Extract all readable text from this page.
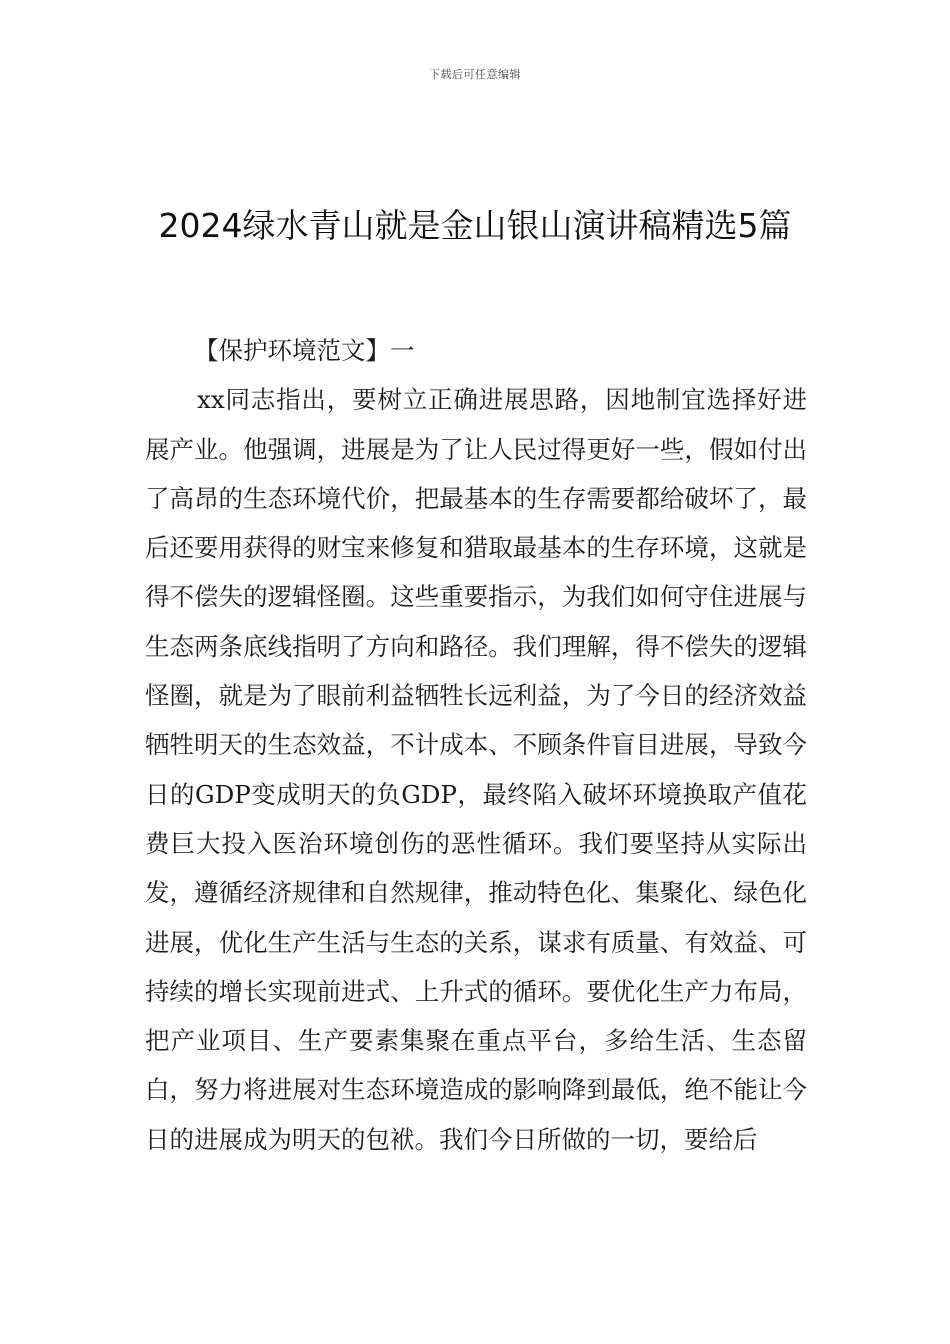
下载后可任意编辑
2024绿水青山就是金山银山演讲稿精选5篇

【保护环境范文】一

xx同志指出，要树立正确进展思路，因地制宜选择好进展产业。他强调，进展是为了让人民过得更好一些，假如付出了高昂的生态环境代价，把最基本的生存需要都给破坏了，最后还要用获得的财宝来修复和猎取最基本的生存环境，这就是得不偿失的逻辑怪圈。这些重要指示，为我们如何守住进展与生态两条底线指明了方向和路径。我们理解，得不偿失的逻辑怪圈，就是为了眼前利益牺牲长远利益，为了今日的经济效益牺牲明天的生态效益，不计成本、不顾条件盲目进展，导致今日的GDP变成明天的负GDP，最终陷入破坏环境换取产值花费巨大投入医治环境创伤的恶性循环。我们要坚持从实际出发，遵循经济规律和自然规律，推动特色化、集聚化、绿色化进展，优化生产生活与生态的关系，谋求有质量、有效益、可持续的增长实现前进式、上升式的循环。要优化生产力布局，把产业项目、生产要素集聚在重点平台，多给生活、生态留白，努力将进展对生态环境造成的影响降到最低，绝不能让今日的进展成为明天的包袱。我们今日所做的一切，要给后
